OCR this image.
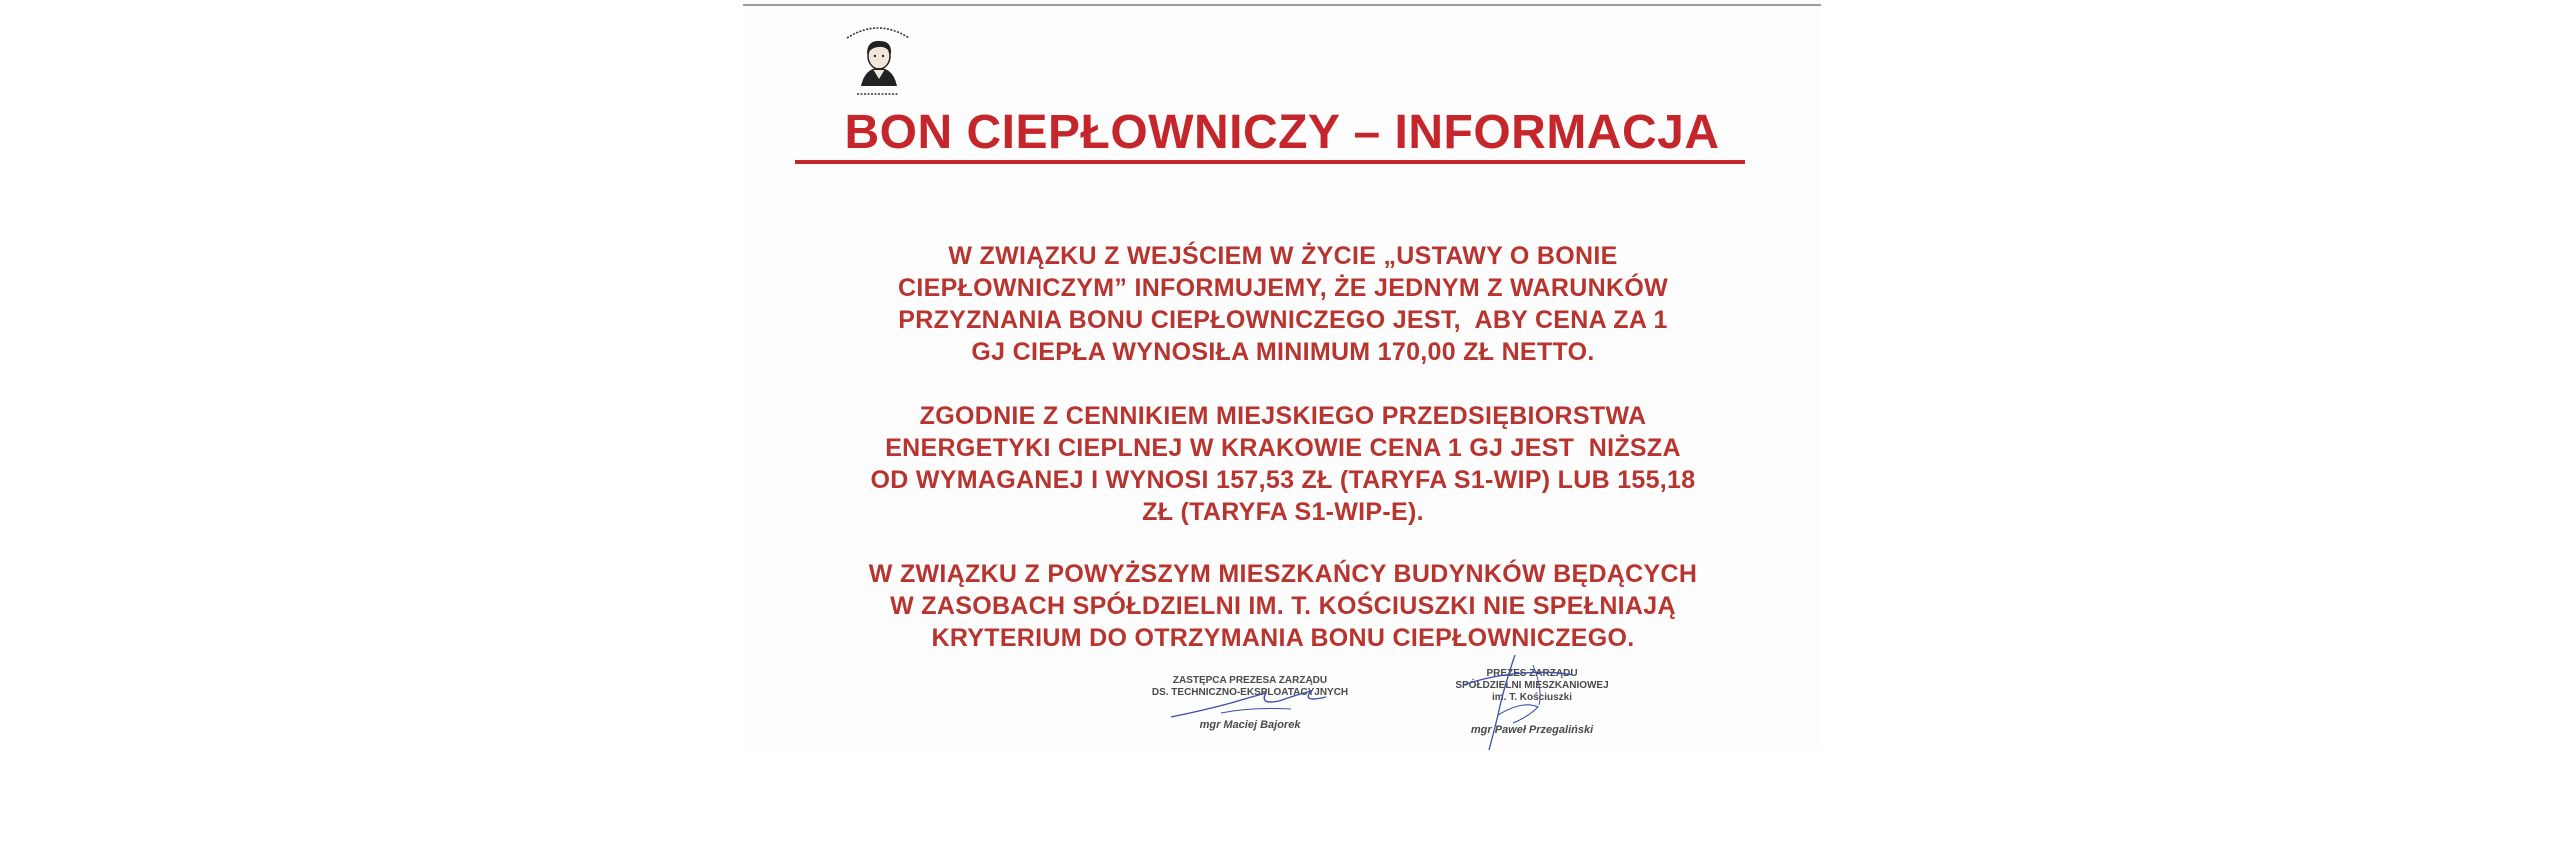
BON CIEPŁOWNICZY – INFORMACJA
W ZWIĄZKU Z WEJŚCIEM W ŻYCIE „USTAWY O BONIE
CIEPŁOWNICZYM” INFORMUJEMY, ŻE JEDNYM Z WARUNKÓW
PRZYZNANIA BONU CIEPŁOWNICZEGO JEST,  ABY CENA ZA 1
GJ CIEPŁA WYNOSIŁA MINIMUM 170,00 ZŁ NETTO.
ZGODNIE Z CENNIKIEM MIEJSKIEGO PRZEDSIĘBIORSTWA
ENERGETYKI CIEPLNEJ W KRAKOWIE CENA 1 GJ JEST  NIŻSZA
OD WYMAGANEJ I WYNOSI 157,53 ZŁ (TARYFA S1-WIP) LUB 155,18
ZŁ (TARYFA S1-WIP-E).
W ZWIĄZKU Z POWYŻSZYM MIESZKAŃCY BUDYNKÓW BĘDĄCYCH
W ZASOBACH SPÓŁDZIELNI IM. T. KOŚCIUSZKI NIE SPEŁNIAJĄ
KRYTERIUM DO OTRZYMANIA BONU CIEPŁOWNICZEGO.
ZASTĘPCA PREZESA ZARZĄDU
DS. TECHNICZNO-EKSPLOATACYJNYCH
mgr Maciej Bajorek
PREZES ZARZĄDU
SPÓŁDZIELNI MIESZKANIOWEJ
im. T. Kościuszki
mgr Paweł Przegaliński
